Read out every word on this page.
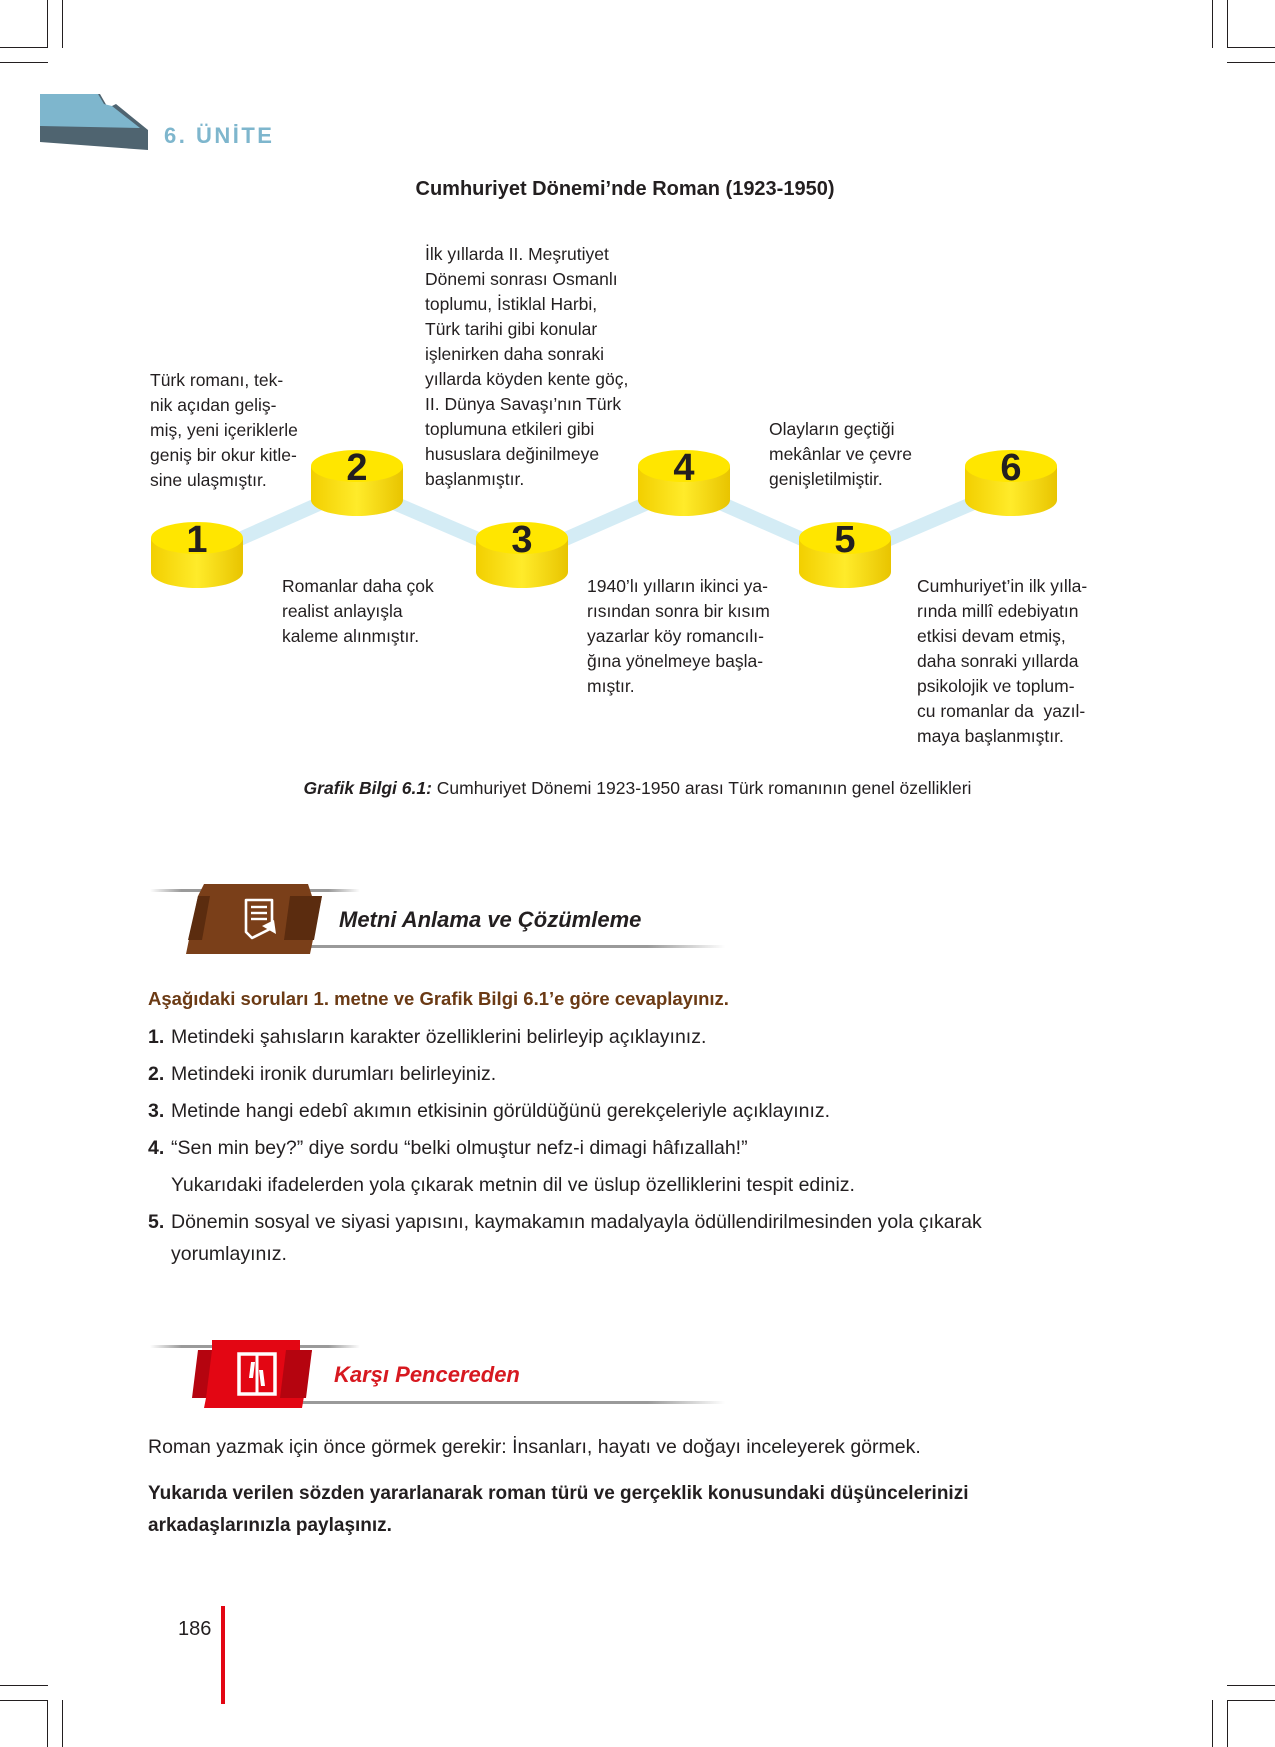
6. ÜNİTE
Cumhuriyet Dönemi’nde Roman (1923-1950)
1
2
3
4
5
6
Türk romanı, tek-
nik açıdan geliş-
miş, yeni içeriklerle
geniş bir okur kitle-
sine ulaşmıştır.
Romanlar daha çok
realist anlayışla
kaleme alınmıştır.
İlk yıllarda II. Meşrutiyet
Dönemi sonrası Osmanlı
toplumu, İstiklal Harbi,
Türk tarihi gibi konular
işlenirken daha sonraki
yıllarda köyden kente göç,
II. Dünya Savaşı’nın Türk
toplumuna etkileri gibi
hususlara değinilmeye
başlanmıştır.
1940’lı yılların ikinci ya-
rısından sonra bir kısım
yazarlar köy romancılı-
ğına yönelmeye başla-
mıştır.
Olayların geçtiği
mekânlar ve çevre
genişletilmiştir.
Cumhuriyet’in ilk yılla-
rında millî edebiyatın
etkisi devam etmiş,
daha sonraki yıllarda
psikolojik ve toplum-
cu romanlar da  yazıl-
maya başlanmıştır.
Grafik Bilgi 6.1: Cumhuriyet Dönemi 1923-1950 arası Türk romanının genel özellikleri
Metni Anlama ve Çözümleme
Aşağıdaki soruları 1. metne ve Grafik Bilgi 6.1’e göre cevaplayınız.
1. Metindeki şahısların karakter özelliklerini belirleyip açıklayınız.
2. Metindeki ironik durumları belirleyiniz.
3. Metinde hangi edebî akımın etkisinin görüldüğünü gerekçeleriyle açıklayınız.
4. “Sen min bey?” diye sordu “belki olmuştur nefz-i dimagi hâfızallah!”
Yukarıdaki ifadelerden yola çıkarak metnin dil ve üslup özelliklerini tespit ediniz.
5. Dönemin sosyal ve siyasi yapısını, kaymakamın madalyayla ödüllendirilmesinden yola çıkarak
yorumlayınız.
Karşı Pencereden
Roman yazmak için önce görmek gerekir: İnsanları, hayatı ve doğayı inceleyerek görmek.
Yukarıda verilen sözden yararlanarak roman türü ve gerçeklik konusundaki düşüncelerinizi arkadaşlarınızla paylaşınız.
186
